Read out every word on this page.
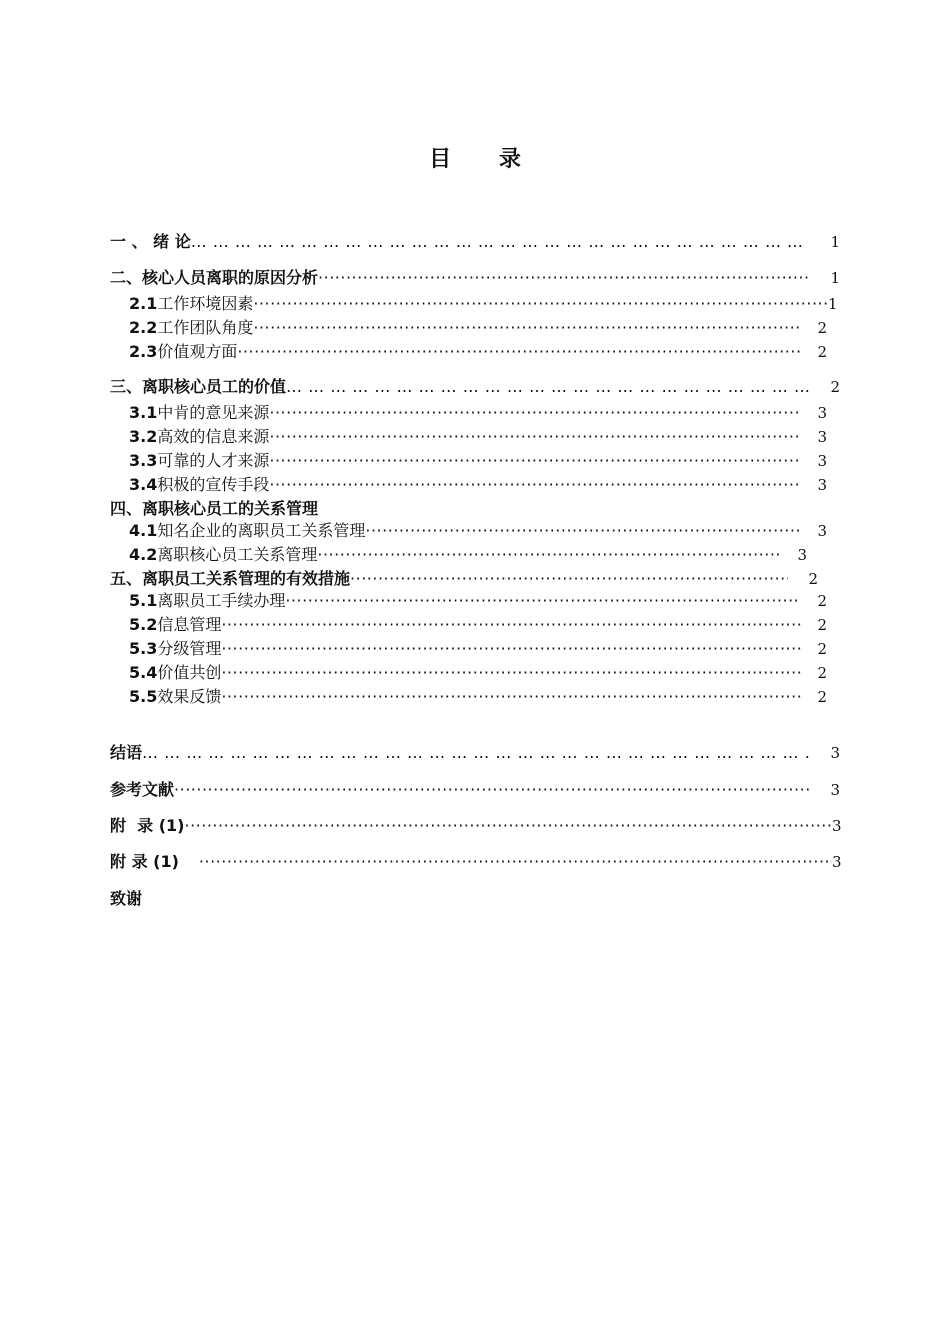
目 录
一 、 绪 论 … … … … … … … … … … … … … … … … … … … … … … … … … … … … … … … … … … … … … … … … … … … … … … … … … … … … … …	1
二、核心人员离职的原因分析 ·····	1
2.1 工作环境因素 ·····	1
2.2 工作团队角度 ·····	2
2.3 价值观方面 ·····	2
三、离职核心员工的价值 … … … … … … … … … … … … … … … … … … … … … … … … … … … … … … … … … … … … … … … … … … … … … … … … … … … … … …	2
3.1 中肯的意见来源 ·····	3
3.2 高效的信息来源 ·····	3
3.3 可靠的人才来源 ·····	3
3.4 积极的宣传手段 ·····	3
四、离职核心员工的关系管理
4.1 知名企业的离职员工关系管理 ·····	3
4.2 离职核心员工关系管理 ·····	3
五、离职员工关系管理的有效措施 ·····	2
5.1 离职员工手续办理 ·····	2
5.2 信息管理 ·····	2
5.3 分级管理 ·····	2
5.4 价值共创 ·····	2
5.5 效果反馈 ·····	2
结语 … … … … … … … … … … … … … … … … … … … … … … … … … … … … … … … … … … … … … … … … … … … … … … … … … … … … … …	3
参考文献 ·····	3
附  录 (1) ·····	3
附 录 (1) ·····	3
致谢
